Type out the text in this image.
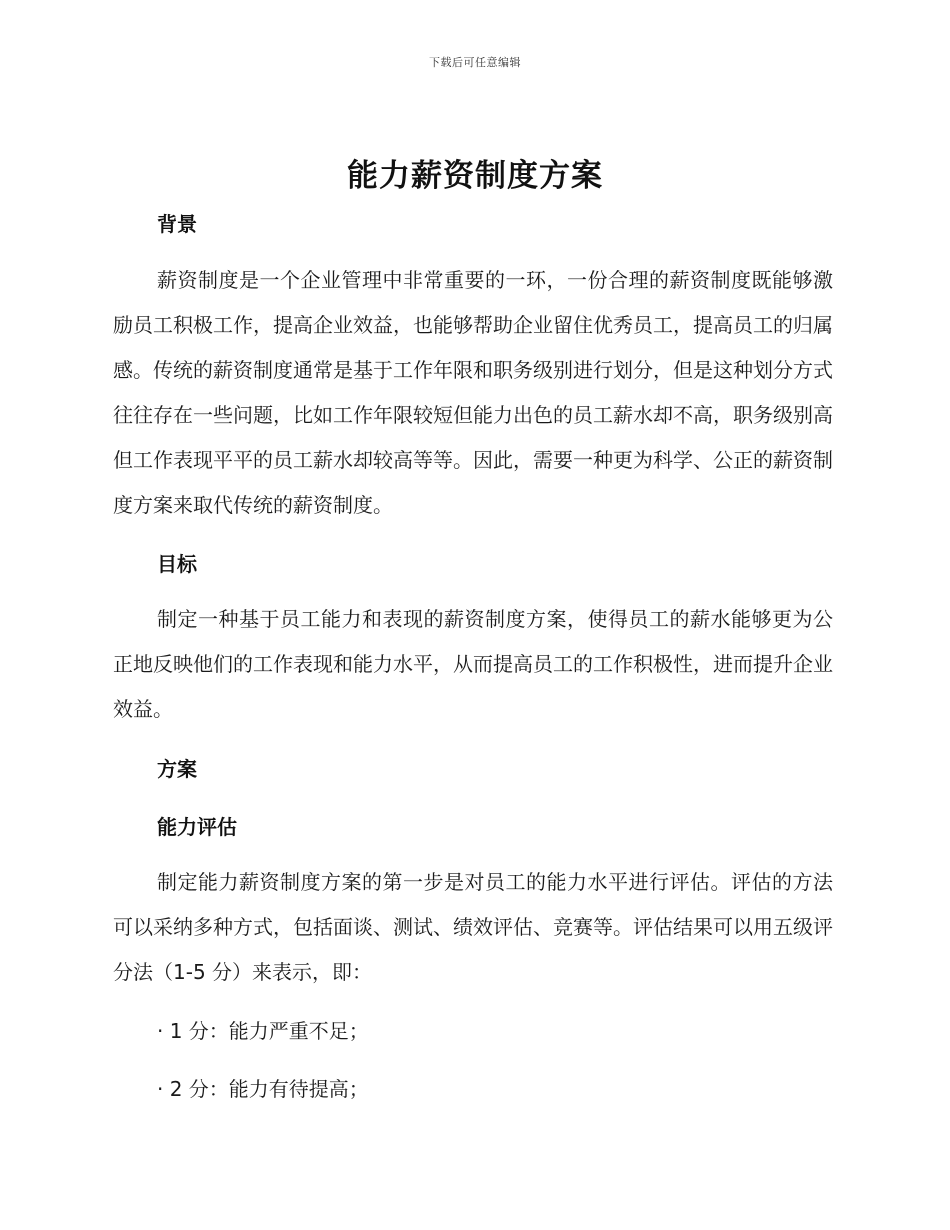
下载后可任意编辑
能力薪资制度方案
背景
薪资制度是一个企业管理中非常重要的一环，一份合理的薪资制度既能够激励员工积极工作，提高企业效益，也能够帮助企业留住优秀员工，提高员工的归属感。传统的薪资制度通常是基于工作年限和职务级别进行划分，但是这种划分方式往往存在一些问题，比如工作年限较短但能力出色的员工薪水却不高，职务级别高但工作表现平平的员工薪水却较高等等。因此，需要一种更为科学、公正的薪资制度方案来取代传统的薪资制度。
目标
制定一种基于员工能力和表现的薪资制度方案，使得员工的薪水能够更为公正地反映他们的工作表现和能力水平，从而提高员工的工作积极性，进而提升企业效益。
方案
能力评估
制定能力薪资制度方案的第一步是对员工的能力水平进行评估。评估的方法可以采纳多种方式，包括面谈、测试、绩效评估、竞赛等。评估结果可以用五级评分法（1-5 分）来表示，即：
· 1 分：能力严重不足；
· 2 分：能力有待提高；
